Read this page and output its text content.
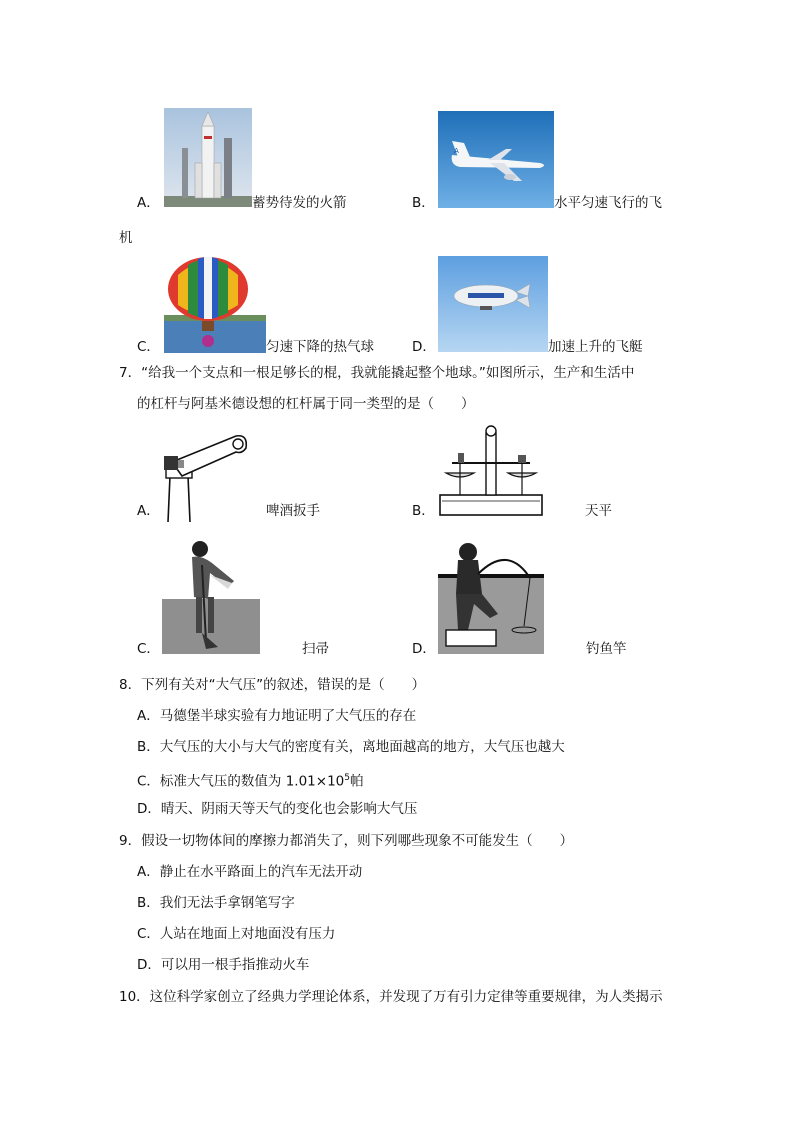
A．	蓄势待发的火箭
A
B．	水平匀速飞行的飞
机
C．	匀速下降的热气球	D．	加速上升的飞艇
7．“给我一个支点和一根足够长的棍，我就能撬起整个地球。”如图所示，生产和生活中
的杠杆与阿基米德设想的杠杆属于同一类型的是（　　）
A．	啤酒扳手	B．	天平
C．	扫帚	D．	钓鱼竿
8．下列有关对“大气压”的叙述，错误的是（　　）
A．马德堡半球实验有力地证明了大气压的存在
B．大气压的大小与大气的密度有关，离地面越高的地方，大气压也越大
C．标准大气压的数值为 $1.01\times 10^5$帕
D．晴天、阴雨天等天气的变化也会影响大气压
9．假设一切物体间的摩擦力都消失了，则下列哪些现象不可能发生（　　）
A．静止在水平路面上的汽车无法开动
B．我们无法手拿钢笔写字
C．人站在地面上对地面没有压力
D．可以用一根手指推动火车
10．这位科学家创立了经典力学理论体系，并发现了万有引力定律等重要规律，为人类揭示
